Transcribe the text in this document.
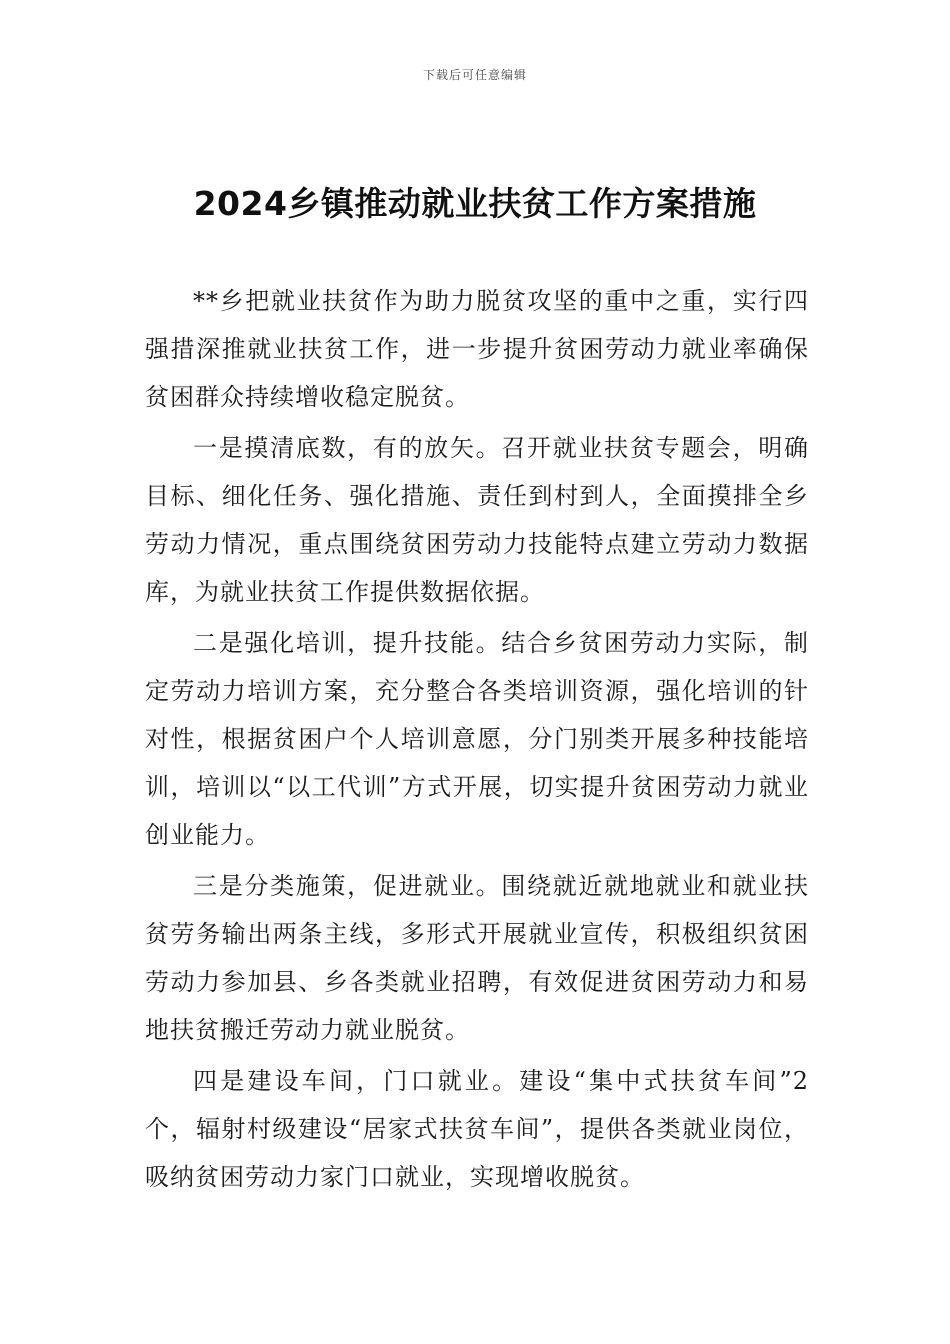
下载后可任意编辑
2024乡镇推动就业扶贫工作方案措施

**乡把就业扶贫作为助力脱贫攻坚的重中之重，实行四强措深推就业扶贫工作，进一步提升贫困劳动力就业率确保贫困群众持续增收稳定脱贫。

一是摸清底数，有的放矢。召开就业扶贫专题会，明确目标、细化任务、强化措施、责任到村到人，全面摸排全乡劳动力情况，重点围绕贫困劳动力技能特点建立劳动力数据库，为就业扶贫工作提供数据依据。

二是强化培训，提升技能。结合乡贫困劳动力实际，制定劳动力培训方案，充分整合各类培训资源，强化培训的针对性，根据贫困户个人培训意愿，分门别类开展多种技能培训，培训以“以工代训”方式开展，切实提升贫困劳动力就业创业能力。

三是分类施策，促进就业。围绕就近就地就业和就业扶贫劳务输出两条主线，多形式开展就业宣传，积极组织贫困劳动力参加县、乡各类就业招聘，有效促进贫困劳动力和易地扶贫搬迁劳动力就业脱贫。

四是建设车间，门口就业。建设“集中式扶贫车间”2个，辐射村级建设“居家式扶贫车间”，提供各类就业岗位，吸纳贫困劳动力家门口就业，实现增收脱贫。
